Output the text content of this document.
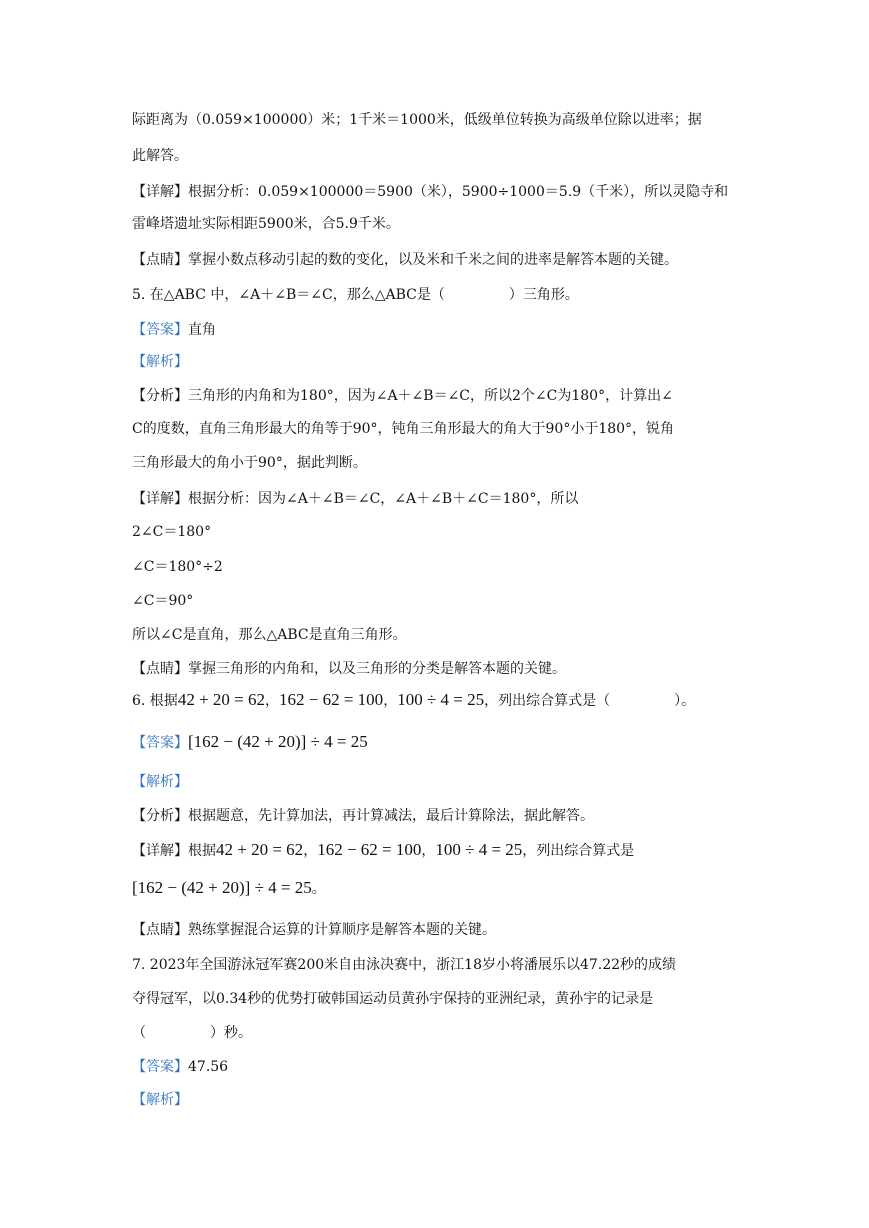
际距离为（0.059×100000）米；1千米＝1000米，低级单位转换为高级单位除以进率；据
此解答。
【详解】根据分析：0.059×100000＝5900（米），5900÷1000＝5.9（千米），所以灵隐寺和
雷峰塔遗址实际相距5900米，合5.9千米。
【点睛】掌握小数点移动引起的数的变化，以及米和千米之间的进率是解答本题的关键。
5. 在△ABC 中，∠A＋∠B＝∠C，那么△ABC是（	）三角形。
【答案】直角
【解析】
【分析】三角形的内角和为180°，因为∠A＋∠B＝∠C，所以2个∠C为180°，计算出∠
C的度数，直角三角形最大的角等于90°，钝角三角形最大的角大于90°小于180°，锐角
三角形最大的角小于90°，据此判断。
【详解】根据分析：因为∠A＋∠B＝∠C，∠A＋∠B＋∠C＝180°，所以
2∠C＝180°
∠C＝180°÷2
∠C＝90°
所以∠C是直角，那么△ABC是直角三角形。
【点睛】掌握三角形的内角和，以及三角形的分类是解答本题的关键。
6. 根据42 + 20 = 62，162 − 62 = 100，100 ÷ 4 = 25，列出综合算式是（	）。
【答案】[162 − (42 + 20)] ÷ 4 = 25
【解析】
【分析】根据题意，先计算加法，再计算减法，最后计算除法，据此解答。
【详解】根据42 + 20 = 62，162 − 62 = 100，100 ÷ 4 = 25，列出综合算式是
[162 − (42 + 20)] ÷ 4 = 25。
【点睛】熟练掌握混合运算的计算顺序是解答本题的关键。
7. 2023年全国游泳冠军赛200米自由泳决赛中，浙江18岁小将潘展乐以47.22秒的成绩
夺得冠军，以0.34秒的优势打破韩国运动员黄孙宇保持的亚洲纪录，黄孙宇的记录是
（	）秒。
【答案】47.56
【解析】
